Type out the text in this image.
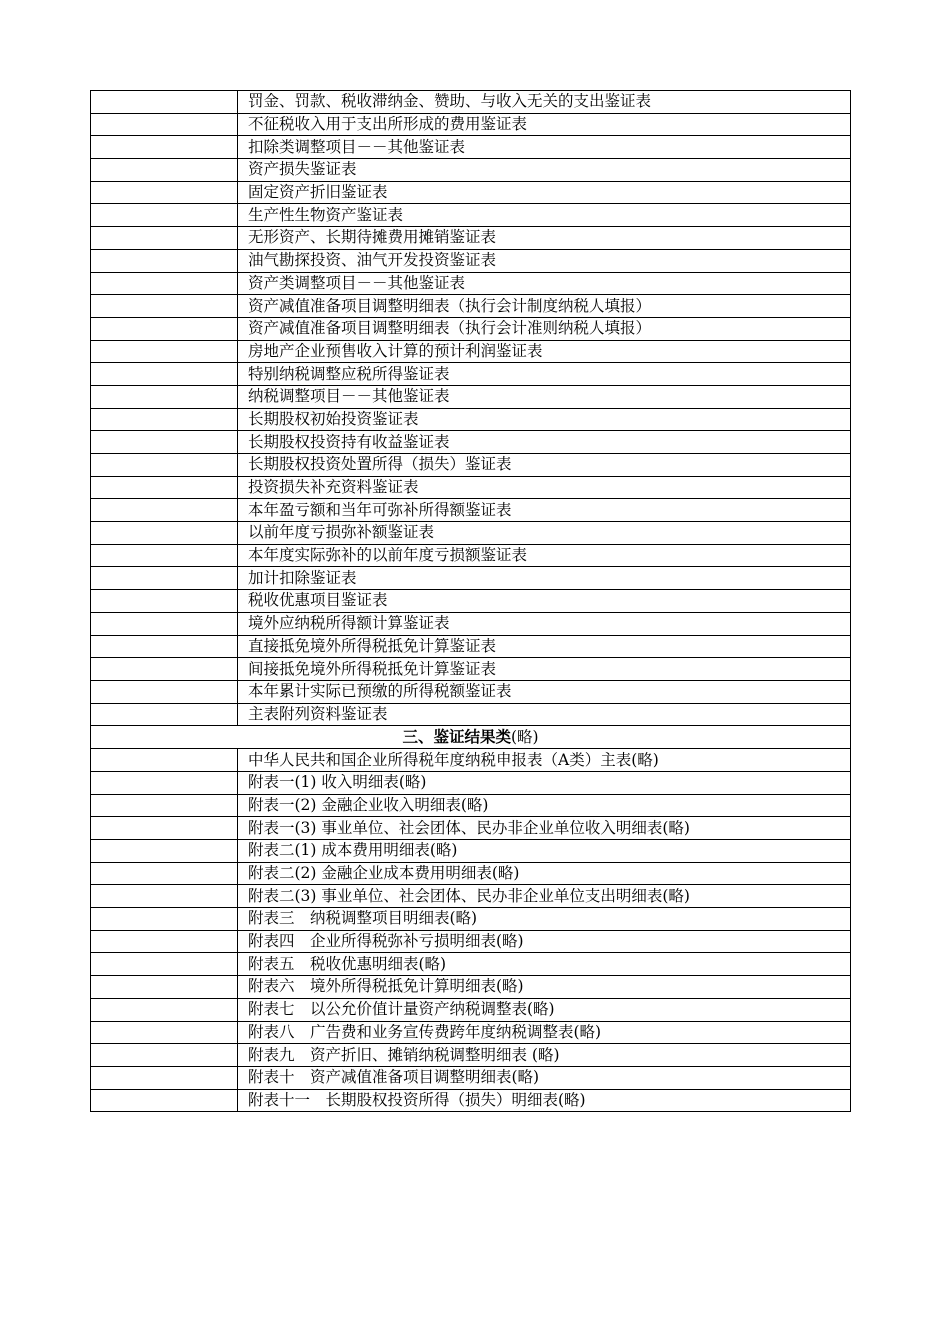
	罚金、罚款、税收滞纳金、赞助、与收入无关的支出鉴证表
	不征税收入用于支出所形成的费用鉴证表
	扣除类调整项目－－其他鉴证表
	资产损失鉴证表
	固定资产折旧鉴证表
	生产性生物资产鉴证表
	无形资产、长期待摊费用摊销鉴证表
	油气勘探投资、油气开发投资鉴证表
	资产类调整项目－－其他鉴证表
	资产减值准备项目调整明细表（执行会计制度纳税人填报）
	资产减值准备项目调整明细表（执行会计准则纳税人填报）
	房地产企业预售收入计算的预计利润鉴证表
	特别纳税调整应税所得鉴证表
	纳税调整项目－－其他鉴证表
	长期股权初始投资鉴证表
	长期股权投资持有收益鉴证表
	长期股权投资处置所得（损失）鉴证表
	投资损失补充资料鉴证表
	本年盈亏额和当年可弥补所得额鉴证表
	以前年度亏损弥补额鉴证表
	本年度实际弥补的以前年度亏损额鉴证表
	加计扣除鉴证表
	税收优惠项目鉴证表
	境外应纳税所得额计算鉴证表
	直接抵免境外所得税抵免计算鉴证表
	间接抵免境外所得税抵免计算鉴证表
	本年累计实际已预缴的所得税额鉴证表
	主表附列资料鉴证表
三、鉴证结果类(略)	
	中华人民共和国企业所得税年度纳税申报表（A类）主表(略)
	附表一(1) 收入明细表(略)
	附表一(2) 金融企业收入明细表(略)
	附表一(3) 事业单位、社会团体、民办非企业单位收入明细表(略)
	附表二(1) 成本费用明细表(略)
	附表二(2) 金融企业成本费用明细表(略)
	附表二(3) 事业单位、社会团体、民办非企业单位支出明细表(略)
	附表三　纳税调整项目明细表(略)
	附表四　企业所得税弥补亏损明细表(略)
	附表五　税收优惠明细表(略)
	附表六　境外所得税抵免计算明细表(略)
	附表七　以公允价值计量资产纳税调整表(略)
	附表八　广告费和业务宣传费跨年度纳税调整表(略)
	附表九　资产折旧、摊销纳税调整明细表 (略)
	附表十　资产减值准备项目调整明细表(略)
	附表十一　长期股权投资所得（损失）明细表(略)
